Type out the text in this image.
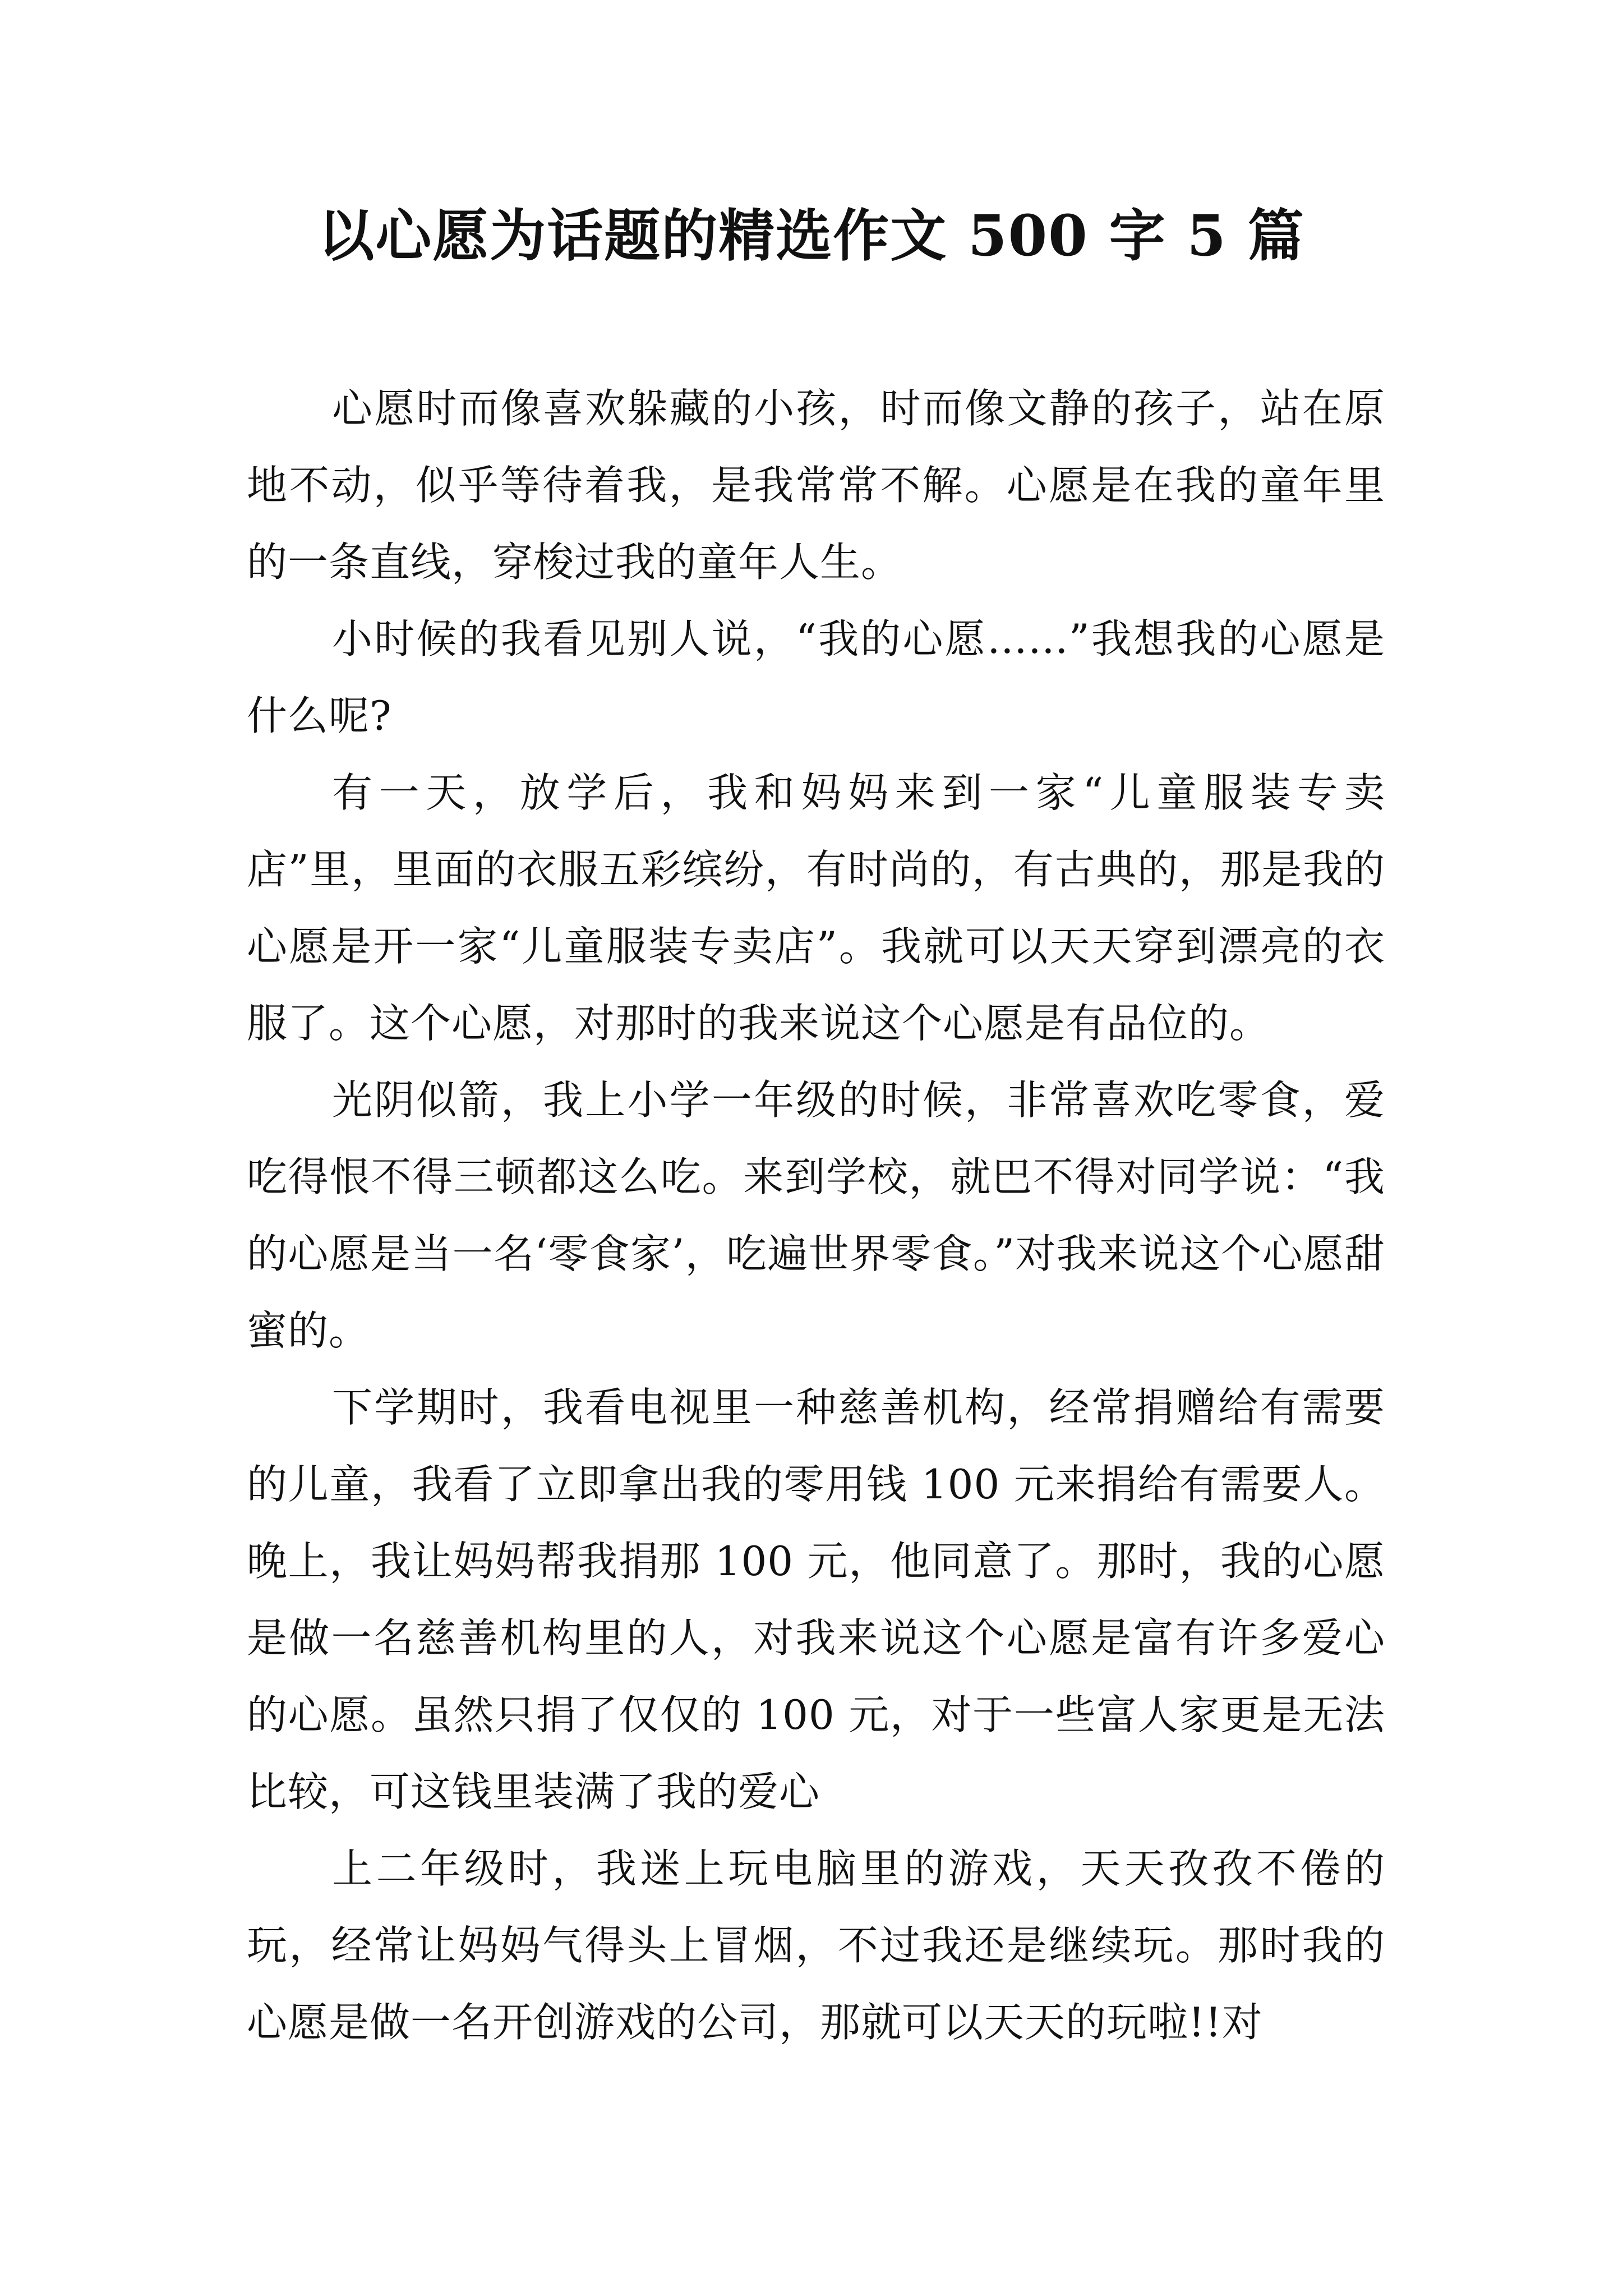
以心愿为话题的精选作文 500 字 5 篇

心愿时而像喜欢躲藏的小孩，时而像文静的孩子，站在原地不动，似乎等待着我，是我常常不解。心愿是在我的童年里的一条直线，穿梭过我的童年人生。

小时候的我看见别人说，“我的心愿……”我想我的心愿是什么呢?

有一天，放学后，我和妈妈来到一家“儿童服装专卖店”里，里面的衣服五彩缤纷，有时尚的，有古典的，那是我的心愿是开一家“儿童服装专卖店”。我就可以天天穿到漂亮的衣服了。这个心愿，对那时的我来说这个心愿是有品位的。

光阴似箭，我上小学一年级的时候，非常喜欢吃零食，爱吃得恨不得三顿都这么吃。来到学校，就巴不得对同学说：“我的心愿是当一名‘零食家’，吃遍世界零食。”对我来说这个心愿甜蜜的。

下学期时，我看电视里一种慈善机构，经常捐赠给有需要的儿童，我看了立即拿出我的零用钱 100 元来捐给有需要人。晚上，我让妈妈帮我捐那 100 元，他同意了。那时，我的心愿是做一名慈善机构里的人，对我来说这个心愿是富有许多爱心的心愿。虽然只捐了仅仅的 100 元，对于一些富人家更是无法比较，可这钱里装满了我的爱心

上二年级时，我迷上玩电脑里的游戏，天天孜孜不倦的玩，经常让妈妈气得头上冒烟，不过我还是继续玩。那时我的心愿是做一名开创游戏的公司，那就可以天天的玩啦!!对
